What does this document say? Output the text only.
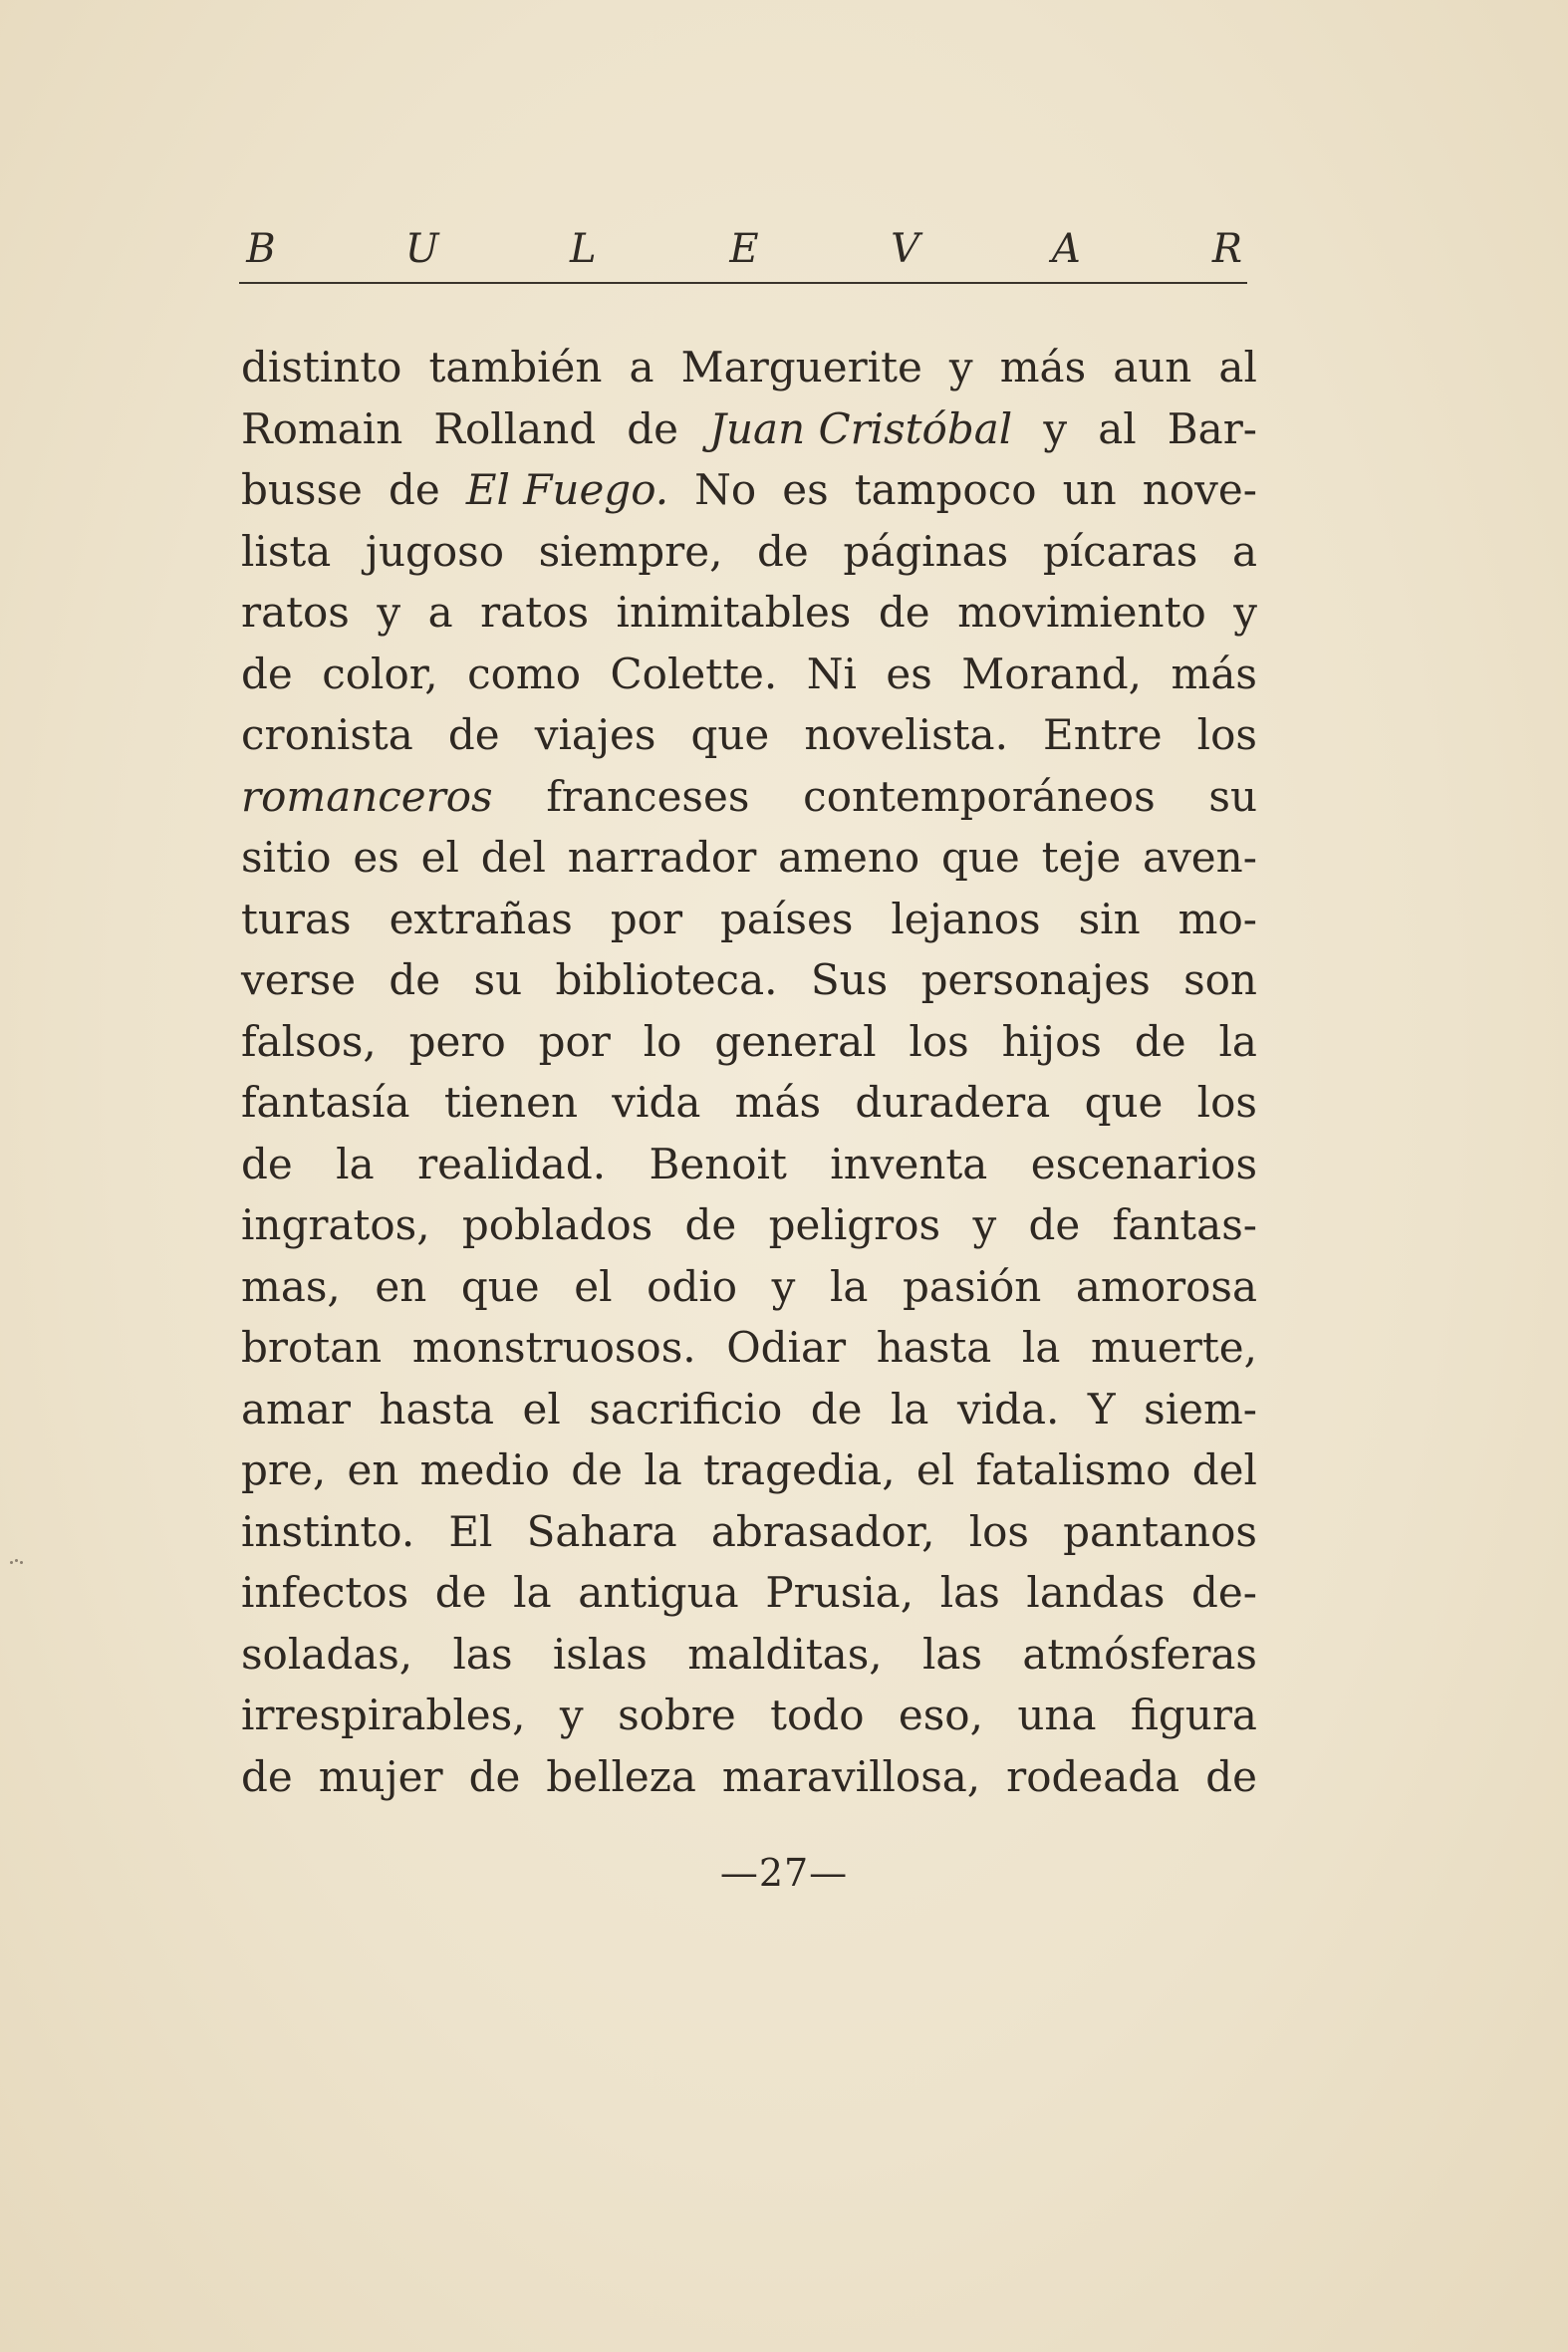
B	U	L	E	V	A	R
distinto también a Marguerite y más aun al
Romain Rolland de Juan Cristóbal y al Bar-
busse de El Fuego. No es tampoco un nove-
lista jugoso siempre, de páginas pícaras a
ratos y a ratos inimitables de movimiento y
de color, como Colette. Ni es Morand, más
cronista de viajes que novelista. Entre los
romanceros franceses contemporáneos su
sitio es el del narrador ameno que teje aven-
turas extrañas por países lejanos sin mo-
verse de su biblioteca. Sus personajes son
falsos, pero por lo general los hijos de la
fantasía tienen vida más duradera que los
de la realidad. Benoit inventa escenarios
ingratos, poblados de peligros y de fantas-
mas, en que el odio y la pasión amorosa
brotan monstruosos. Odiar hasta la muerte,
amar hasta el sacrificio de la vida. Y siem-
pre, en medio de la tragedia, el fatalismo del
instinto. El Sahara abrasador, los pantanos
infectos de la antigua Prusia, las landas de-
soladas, las islas malditas, las atmósferas
irrespirables, y sobre todo eso, una figura
de mujer de belleza maravillosa, rodeada de
—27—
